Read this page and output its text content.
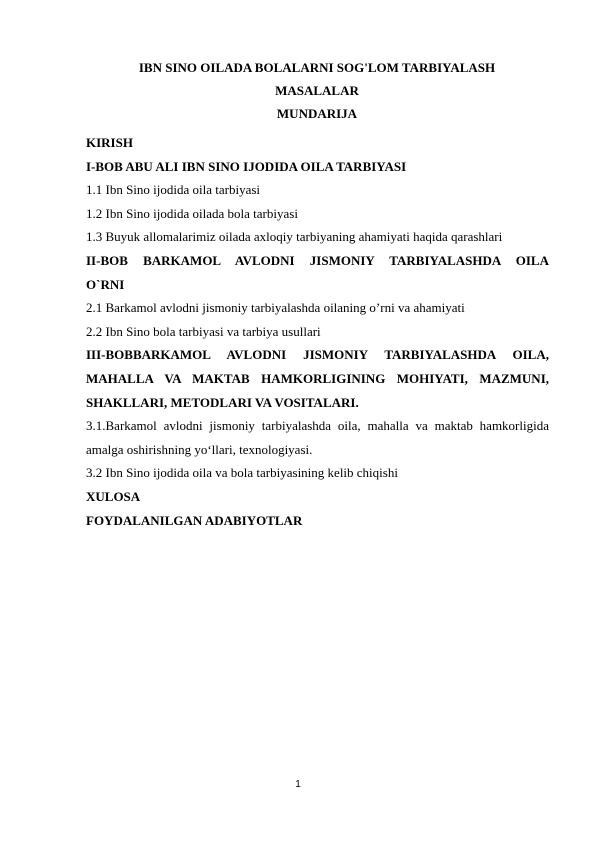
IBN SINO OILADA BOLALARNI SOG'LOM TARBIYALASH
MASALALAR
MUNDARIJA
KIRISH
I-BOB ABU ALI IBN SINO IJODIDA OILA TARBIYASI
1.1 Ibn Sino ijodida oila tarbiyasi
1.2 Ibn Sino ijodida oilada bola tarbiyasi
1.3 Buyuk allomalarimiz oilada axloqiy tarbiyaning ahamiyati haqida qarashlari
II-BOB BARKAMOL AVLODNI JISMONIY TARBIYALASHDA OILA
O`RNI
2.1 Barkamol avlodni jismoniy tarbiyalashda oilaning o’rni va ahamiyati
2.2 Ibn Sino bola tarbiyasi va tarbiya usullari
III-BOBBARKAMOL AVLODNI JISMONIY TARBIYALASHDA OILA,
MAHALLA VA MAKTAB HAMKORLIGINING MOHIYATI, MAZMUNI,
SHAKLLARI, METODLARI VA VOSITALARI.
3.1.Barkamol avlodni jismoniy tarbiyalashda oila, mahalla va maktab hamkorligida
amalga oshirishning yo‘llari, texnologiyasi.
3.2 Ibn Sino ijodida oila va bola tarbiyasining kelib chiqishi
XULOSA
FOYDALANILGAN ADABIYOTLAR
1
